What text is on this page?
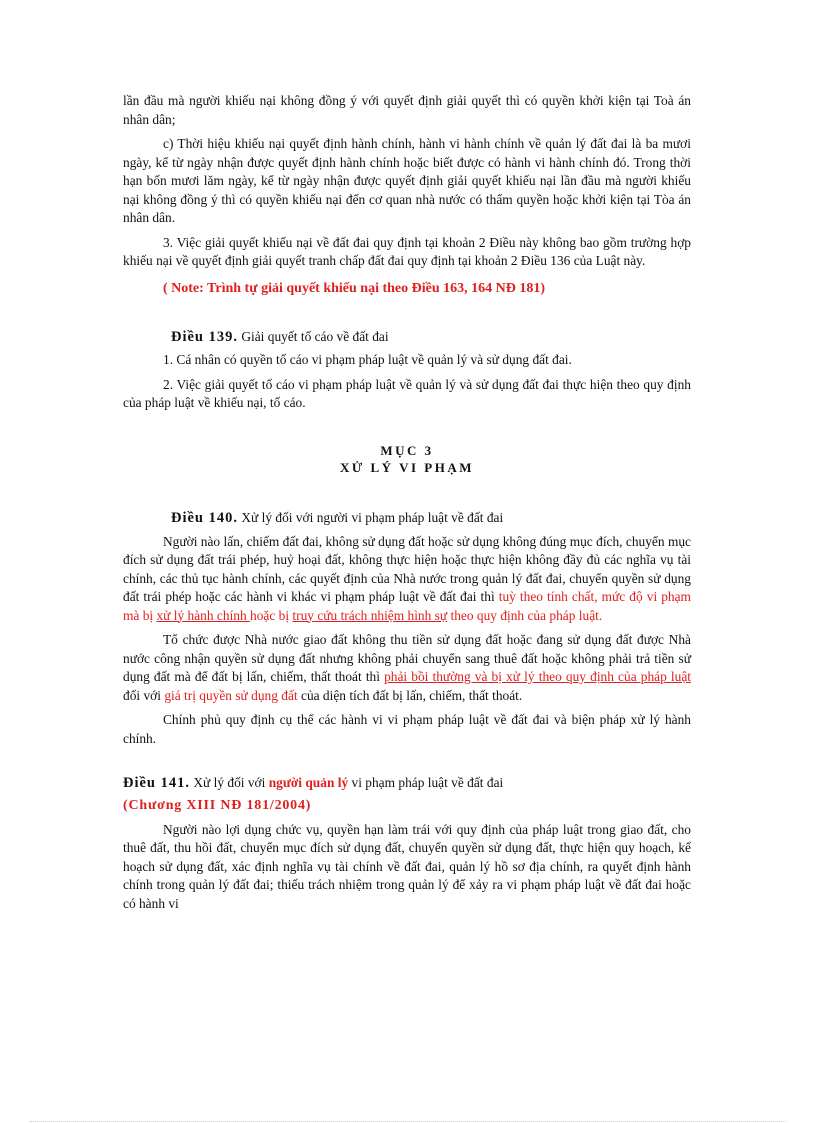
lần đầu mà người khiếu nại không đồng ý với quyết định giải quyết thì có quyền khởi kiện tại Toà án nhân dân;

c) Thời hiệu khiếu nại quyết định hành chính, hành vi hành chính về quản lý đất đai là ba mươi ngày, kể từ ngày nhận được quyết định hành chính hoặc biết được có hành vi hành chính đó. Trong thời hạn bốn mươi lăm ngày, kể từ ngày nhận được quyết định giải quyết khiếu nại lần đầu mà người khiếu nại không đồng ý thì có quyền khiếu nại đến cơ quan nhà nước có thẩm quyền hoặc khởi kiện tại Tòa án nhân dân.

3. Việc giải quyết khiếu nại về đất đai quy định tại khoản 2 Điều này không bao gồm trường hợp khiếu nại về quyết định giải quyết tranh chấp đất đai quy định tại khoản 2 Điều 136 của Luật này.

( Note: Trình tự giải quyết khiếu nại theo Điều 163, 164 NĐ 181)

Điều 139. Giải quyết tố cáo về đất đai

1. Cá nhân có quyền tố cáo vi phạm pháp luật về quản lý và sử dụng đất đai.

2. Việc giải quyết tố cáo vi phạm pháp luật về quản lý và sử dụng đất đai thực hiện theo quy định của pháp luật về khiếu nại, tố cáo.

MỤC 3
XỬ LÝ VI PHẠM

Điều 140. Xử lý đối với người vi phạm pháp luật về đất đai

Người nào lấn, chiếm đất đai, không sử dụng đất hoặc sử dụng không đúng mục đích, chuyển mục đích sử dụng đất trái phép, huỷ hoại đất, không thực hiện hoặc thực hiện không đầy đủ các nghĩa vụ tài chính, các thủ tục hành chính, các quyết định của Nhà nước trong quản lý đất đai, chuyển quyền sử dụng đất trái phép hoặc các hành vi khác vi phạm pháp luật về đất đai thì tuỳ theo tính chất, mức độ vi phạm mà bị xử lý hành chính hoặc bị truy cứu trách nhiệm hình sự theo quy định của pháp luật.

Tổ chức được Nhà nước giao đất không thu tiền sử dụng đất hoặc đang sử dụng đất được Nhà nước công nhận quyền sử dụng đất nhưng không phải chuyển sang thuê đất hoặc không phải trả tiền sử dụng đất mà để đất bị lấn, chiếm, thất thoát thì phải bồi thường và bị xử lý theo quy định của pháp luật đối với giá trị quyền sử dụng đất của diện tích đất bị lấn, chiếm, thất thoát.

Chính phủ quy định cụ thể các hành vi vi phạm pháp luật về đất đai và biện pháp xử lý hành chính.

Điều 141. Xử lý đối với người quản lý vi phạm pháp luật về đất đai

(Chương XIII NĐ 181/2004)

Người nào lợi dụng chức vụ, quyền hạn làm trái với quy định của pháp luật trong giao đất, cho thuê đất, thu hồi đất, chuyển mục đích sử dụng đất, chuyển quyền sử dụng đất, thực hiện quy hoạch, kế hoạch sử dụng đất, xác định nghĩa vụ tài chính về đất đai, quản lý hồ sơ địa chính, ra quyết định hành chính trong quản lý đất đai; thiếu trách nhiệm trong quản lý để xảy ra vi phạm pháp luật về đất đai hoặc có hành vi
